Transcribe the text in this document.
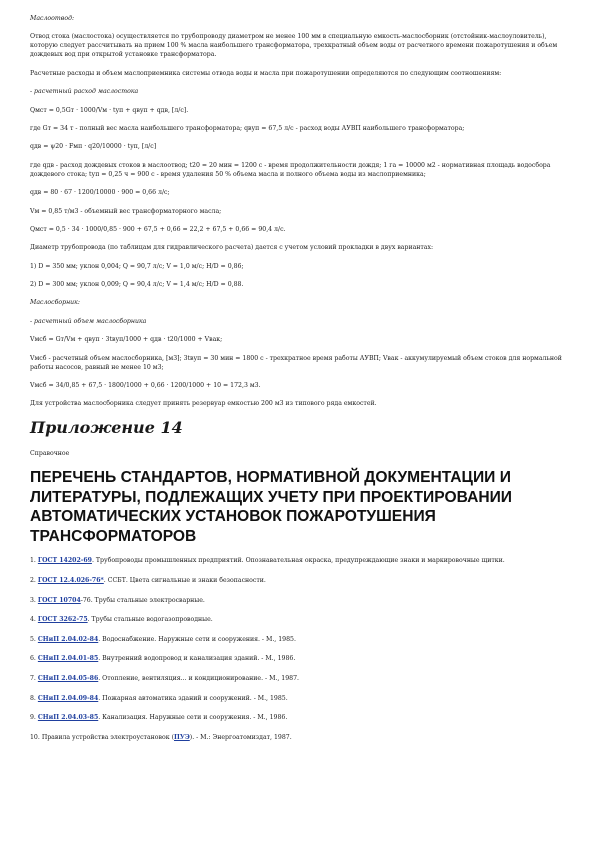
Маслоотвод:

Отвод стока (маслостока) осуществляется по трубопроводу диаметром не менее 100 мм в специальную емкость-маслосборник (отстойник-маслоуловитель), которую следует рассчитывать на прием 100 % масла наибольшего трансформатора, трехкратный объем воды от расчетного времени пожаротушения и объем дождевых вод при открытой установке трансформатора.

Расчетные расходы и объем маслоприемника системы отвода воды и масла при пожаротушении определяются по следующим соотношениям:

- расчетный расход маслостока

Qмст = 0,5Gт · 1000/Vм · tуп + qвуп + qдв, [л/с].

где Gт = 34 т - полный вес масла наибольшего трансформатора; qвуп = 67,5 л/с - расход воды АУВП наибольшего трансформатора;

qдв = ψ20 · Fмп · q20/10000 · tуп, [л/с]

где qдв - расход дождевых стоков в маслоотвод; t20 = 20 мин = 1200 с - время продолжительности дождя; 1 га = 10000 м2 - нормативная площадь водосбора дождевого стока; tуп = 0,25 ч = 900 с - время удаления 50 % объема масла и полного объема воды из маслоприемника;

qдв = 80 · 67 · 1200/10000 · 900 = 0,66 л/с;

Vм = 0,85 т/м3 - объемный вес трансформаторного масла;

Qмст = 0,5 · 34 · 1000/0,85 · 900 + 67,5 + 0,66 = 22,2 + 67,5 + 0,66 = 90,4 л/с.

Диаметр трубопровода (по таблицам для гидравлического расчета) дается с учетом условий прокладки в двух вариантах:

1) D = 350 мм; уклон 0,004; Q = 90,7 л/с; V = 1,0 м/с; H/D = 0,86;

2) D = 300 мм; уклон 0,009; Q = 90,4 л/с; V = 1,4 м/с; H/D = 0,88.

Маслосборник:

- расчетный объем маслосборника

Vмсб = Gт/Vм + qвуп · 3tвуп/1000 + qдв · t20/1000 + Vвак;

Vмсб - расчетный объем маслосборника, [м3]; 3tвуп = 30 мин = 1800 с - трехкратное время работы АУВП; Vвак - аккумулируемый объем стоков для нормальной работы насосов, равный не менее 10 м3;

Vмсб = 34/0,85 + 67,5 · 1800/1000 + 0,66 · 1200/1000 + 10 = 172,3 м3.

Для устройства маслосборника следует принять резервуар емкостью 200 м3 из типового ряда емкостей.

Приложение 14

Справочное

ПЕРЕЧЕНЬ СТАНДАРТОВ, НОРМАТИВНОЙ ДОКУМЕНТАЦИИ И ЛИТЕРАТУРЫ, ПОДЛЕЖАЩИХ УЧЕТУ ПРИ ПРОЕКТИРОВАНИИ АВТОМАТИЧЕСКИХ УСТАНОВОК ПОЖАРОТУШЕНИЯ ТРАНСФОРМАТОРОВ

1. ГОСТ 14202-69. Трубопроводы промышленных предприятий. Опознавательная окраска, предупреждающие знаки и маркировочные щитки.

2. ГОСТ 12.4.026-76*. ССБТ. Цвета сигнальные и знаки безопасности.

3. ГОСТ 10704-76. Трубы стальные электросварные.

4. ГОСТ 3262-75. Трубы стальные водогазопроводные.

5. СНиП 2.04.02-84. Водоснабжение. Наружные сети и сооружения. - М., 1985.

6. СНиП 2.04.01-85. Внутренний водопровод и канализация зданий. - М., 1986.

7. СНиП 2.04.05-86. Отопление, вентиляция... и кондиционирование. - М., 1987.

8. СНиП 2.04.09-84. Пожарная автоматика зданий и сооружений. - М., 1985.

9. СНиП 2.04.03-85. Канализация. Наружные сети и сооружения. - М., 1986.

10. Правила устройства электроустановок (ПУЭ). - М.: Энергоатомиздат, 1987.
